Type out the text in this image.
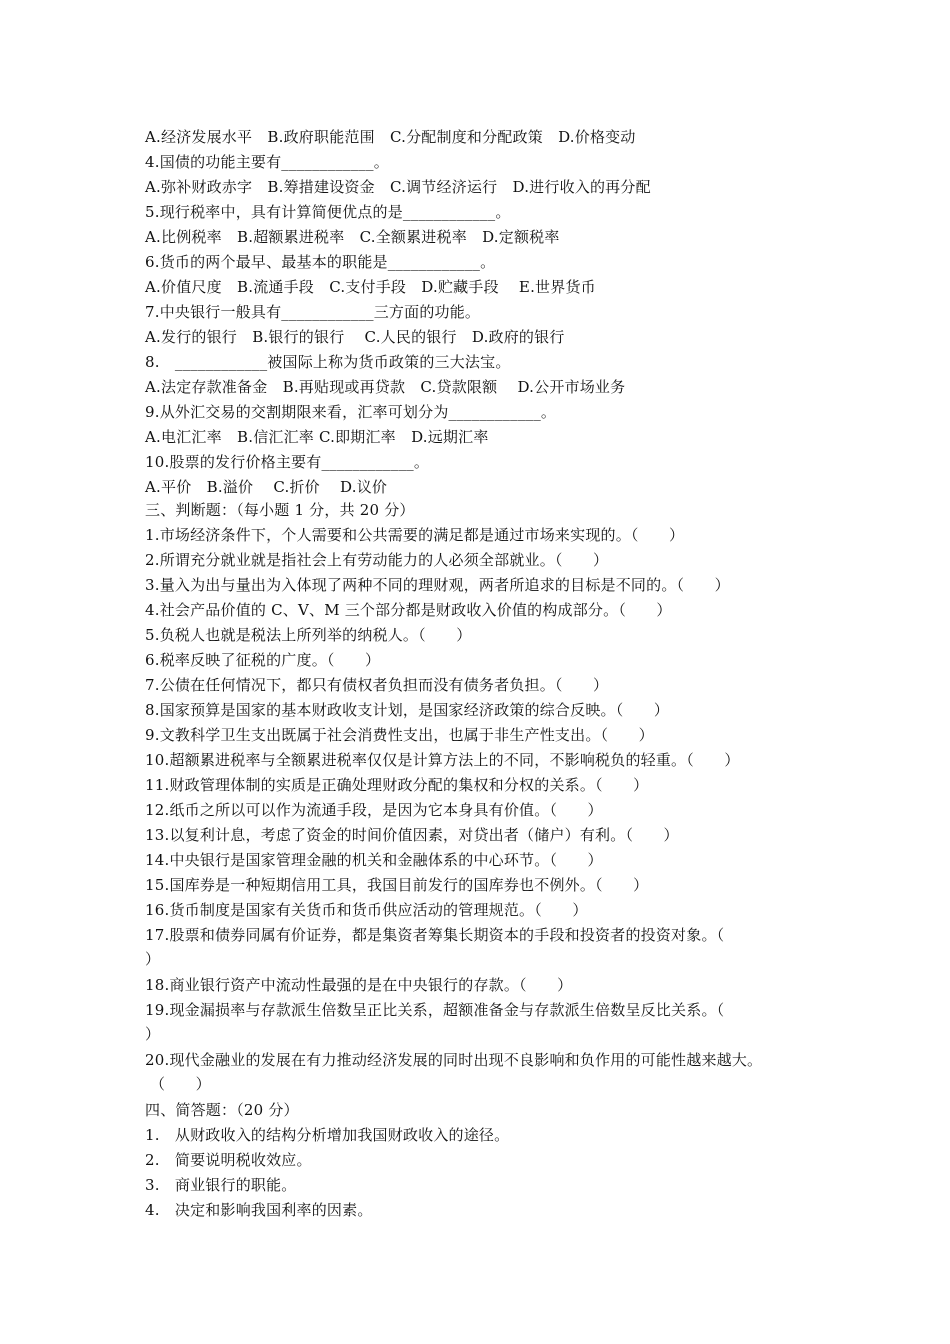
A.经济发展水平　B.政府职能范围　C.分配制度和分配政策　D.价格变动
4.国债的功能主要有____________。
A.弥补财政赤字　B.筹措建设资金　C.调节经济运行　D.进行收入的再分配
5.现行税率中，具有计算简便优点的是____________。
A.比例税率　B.超额累进税率　C.全额累进税率　D.定额税率
6.货币的两个最早、最基本的职能是____________。
A.价值尺度　B.流通手段　C.支付手段　D.贮藏手段　 E.世界货币
7.中央银行一般具有____________三方面的功能。
A.发行的银行　B.银行的银行　 C.人民的银行　D.政府的银行
8.　____________被国际上称为货币政策的三大法宝。
A.法定存款准备金　B.再贴现或再贷款　C.贷款限额　 D.公开市场业务
9.从外汇交易的交割期限来看，汇率可划分为____________。
A.电汇汇率　B.信汇汇率 C.即期汇率　D.远期汇率
10.股票的发行价格主要有____________。
A.平价　B.溢价　 C.折价　 D.议价
三、判断题：（每小题 1 分，共 20 分）
1.市场经济条件下，个人需要和公共需要的满足都是通过市场来实现的。（　　）
2.所谓充分就业就是指社会上有劳动能力的人必须全部就业。（　　）
3.量入为出与量出为入体现了两种不同的理财观，两者所追求的目标是不同的。（　　）
4.社会产品价值的 C、V、M 三个部分都是财政收入价值的构成部分。（　　）
5.负税人也就是税法上所列举的纳税人。（　　）
6.税率反映了征税的广度。（　　）
7.公债在任何情况下，都只有债权者负担而没有债务者负担。（　　）
8.国家预算是国家的基本财政收支计划，是国家经济政策的综合反映。（　　）
9.文教科学卫生支出既属于社会消费性支出，也属于非生产性支出。（　　）
10.超额累进税率与全额累进税率仅仅是计算方法上的不同，不影响税负的轻重。（　　）
11.财政管理体制的实质是正确处理财政分配的集权和分权的关系。（　　）
12.纸币之所以可以作为流通手段，是因为它本身具有价值。（　　）
13.以复利计息，考虑了资金的时间价值因素，对贷出者（储户）有利。（　　）
14.中央银行是国家管理金融的机关和金融体系的中心环节。（　　）
15.国库券是一种短期信用工具，我国目前发行的国库券也不例外。（　　）
16.货币制度是国家有关货币和货币供应活动的管理规范。（　　）
17.股票和债券同属有价证券，都是集资者筹集长期资本的手段和投资者的投资对象。（
）
18.商业银行资产中流动性最强的是在中央银行的存款。（　　）
19.现金漏损率与存款派生倍数呈正比关系，超额准备金与存款派生倍数呈反比关系。（
）
20.现代金融业的发展在有力推动经济发展的同时出现不良影响和负作用的可能性越来越大。
（　　）
四、简答题：（20 分）
1.　从财政收入的结构分析增加我国财政收入的途径。
2.　简要说明税收效应。
3.　商业银行的职能。
4.　决定和影响我国利率的因素。
